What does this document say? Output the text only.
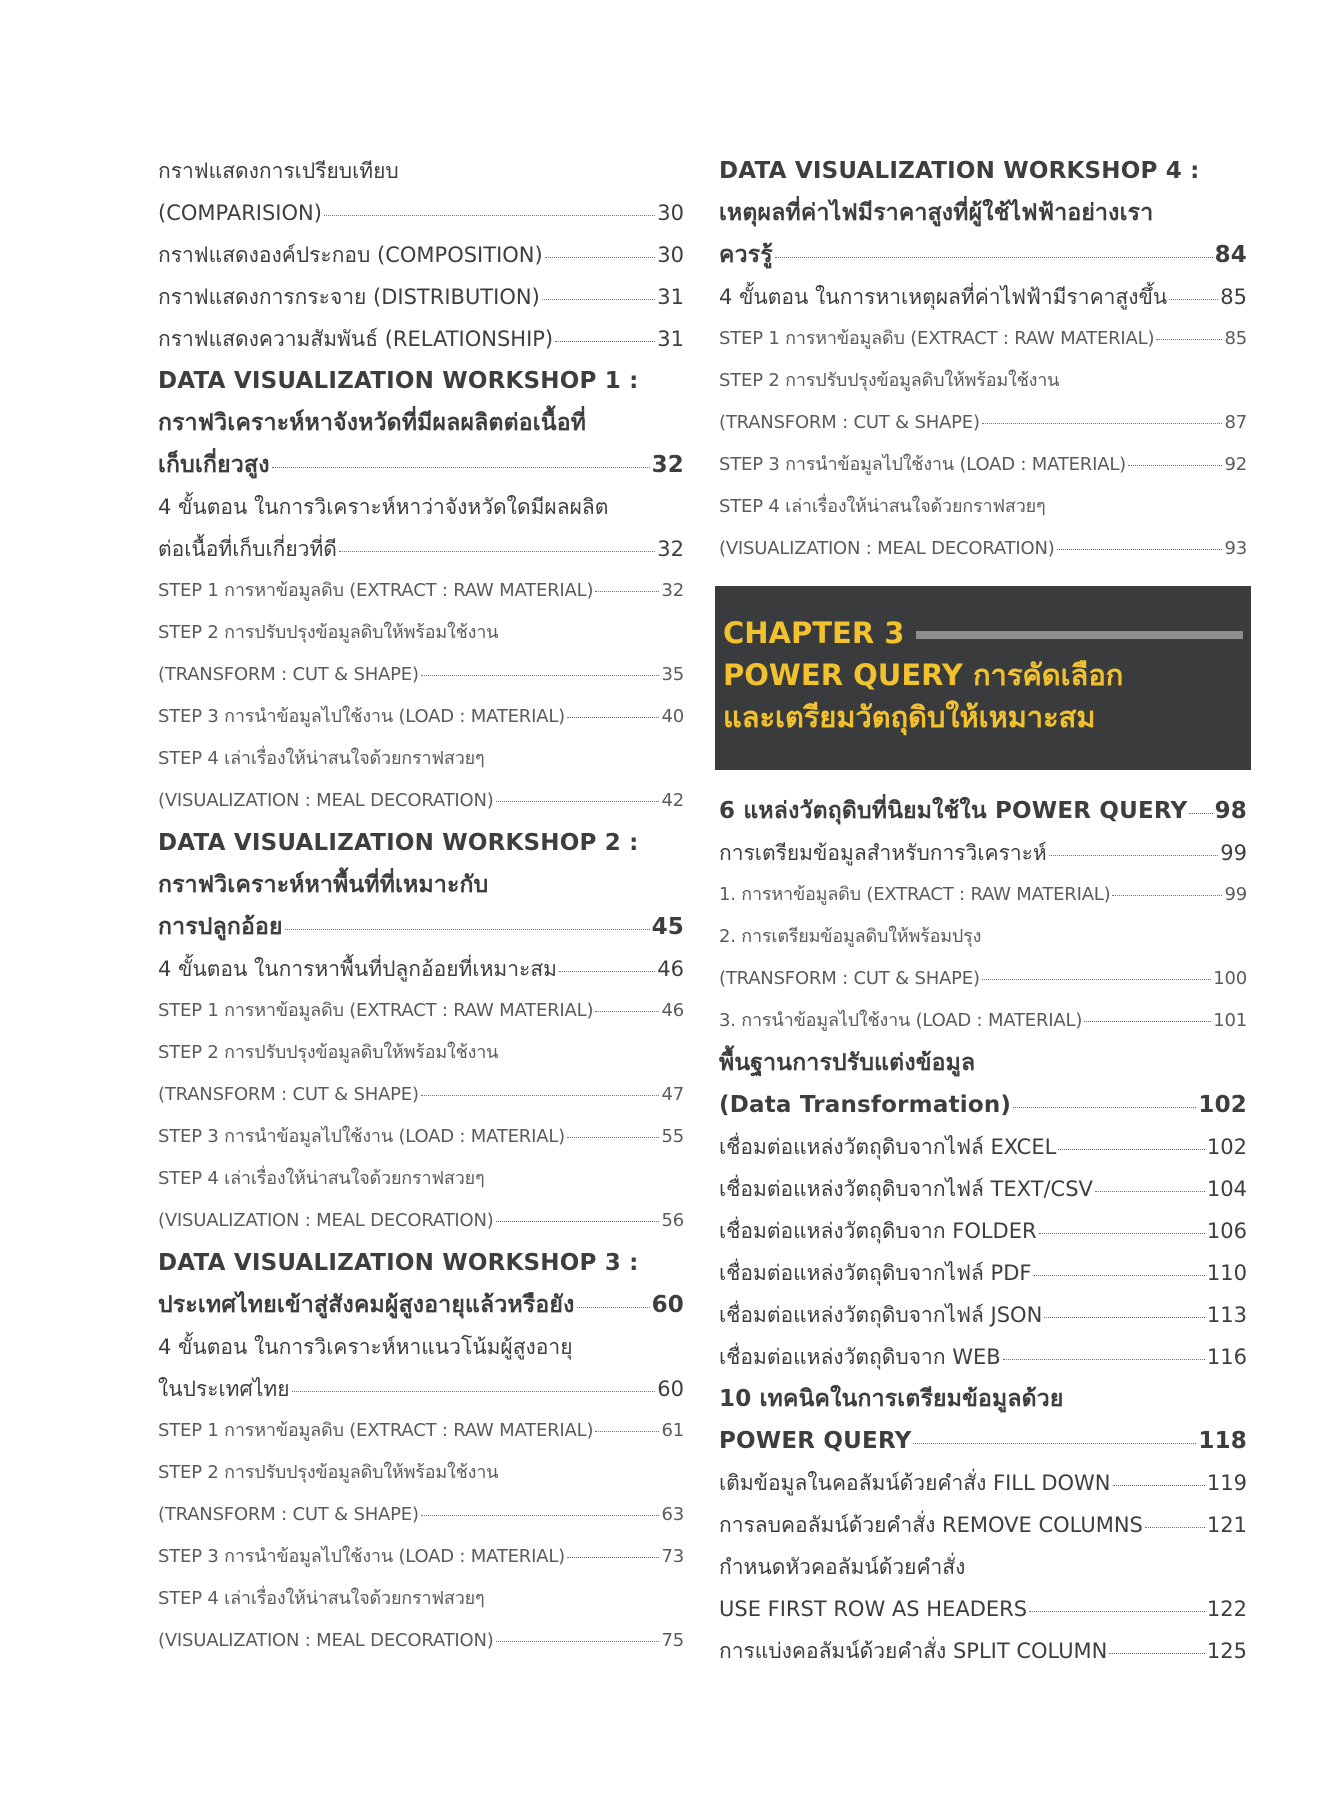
กราฟแสดงการเปรียบเทียบ
(COMPARISION)	30
กราฟแสดงองค์ประกอบ (COMPOSITION)	30
กราฟแสดงการกระจาย (DISTRIBUTION)	31
กราฟแสดงความสัมพันธ์ (RELATIONSHIP)	31
DATA VISUALIZATION WORKSHOP 1 :
กราฟวิเคราะห์หาจังหวัดที่มีผลผลิตต่อเนื้อที่
เก็บเกี่ยวสูง	32
4 ขั้นตอน ในการวิเคราะห์หาว่าจังหวัดใดมีผลผลิต
ต่อเนื้อที่เก็บเกี่ยวที่ดี	32
STEP 1 การหาข้อมูลดิบ (EXTRACT : RAW MATERIAL)	32
STEP 2 การปรับปรุงข้อมูลดิบให้พร้อมใช้งาน
(TRANSFORM : CUT & SHAPE)	35
STEP 3 การนำข้อมูลไปใช้งาน (LOAD : MATERIAL)	40
STEP 4 เล่าเรื่องให้น่าสนใจด้วยกราฟสวยๆ
(VISUALIZATION : MEAL DECORATION)	42
DATA VISUALIZATION WORKSHOP 2 :
กราฟวิเคราะห์หาพื้นที่ที่เหมาะกับ
การปลูกอ้อย	45
4 ขั้นตอน ในการหาพื้นที่ปลูกอ้อยที่เหมาะสม	46
STEP 1 การหาข้อมูลดิบ (EXTRACT : RAW MATERIAL)	46
STEP 2 การปรับปรุงข้อมูลดิบให้พร้อมใช้งาน
(TRANSFORM : CUT & SHAPE)	47
STEP 3 การนำข้อมูลไปใช้งาน (LOAD : MATERIAL)	55
STEP 4 เล่าเรื่องให้น่าสนใจด้วยกราฟสวยๆ
(VISUALIZATION : MEAL DECORATION)	56
DATA VISUALIZATION WORKSHOP 3 :
ประเทศไทยเข้าสู่สังคมผู้สูงอายุแล้วหรือยัง	60
4 ขั้นตอน ในการวิเคราะห์หาแนวโน้มผู้สูงอายุ
ในประเทศไทย	60
STEP 1 การหาข้อมูลดิบ (EXTRACT : RAW MATERIAL)	61
STEP 2 การปรับปรุงข้อมูลดิบให้พร้อมใช้งาน
(TRANSFORM : CUT & SHAPE)	63
STEP 3 การนำข้อมูลไปใช้งาน (LOAD : MATERIAL)	73
STEP 4 เล่าเรื่องให้น่าสนใจด้วยกราฟสวยๆ
(VISUALIZATION : MEAL DECORATION)	75
DATA VISUALIZATION WORKSHOP 4 :
เหตุผลที่ค่าไฟมีราคาสูงที่ผู้ใช้ไฟฟ้าอย่างเรา
ควรรู้	84
4 ขั้นตอน ในการหาเหตุผลที่ค่าไฟฟ้ามีราคาสูงขึ้น	85
STEP 1 การหาข้อมูลดิบ (EXTRACT : RAW MATERIAL)	85
STEP 2 การปรับปรุงข้อมูลดิบให้พร้อมใช้งาน
(TRANSFORM : CUT & SHAPE)	87
STEP 3 การนำข้อมูลไปใช้งาน (LOAD : MATERIAL)	92
STEP 4 เล่าเรื่องให้น่าสนใจด้วยกราฟสวยๆ
(VISUALIZATION : MEAL DECORATION)	93
CHAPTER 3
POWER QUERY การคัดเลือก
และเตรียมวัตถุดิบให้เหมาะสม
6 แหล่งวัตถุดิบที่นิยมใช้ใน POWER QUERY 98
การเตรียมข้อมูลสำหรับการวิเคราะห์	99
1. การหาข้อมูลดิบ (EXTRACT : RAW MATERIAL)	99
2. การเตรียมข้อมูลดิบให้พร้อมปรุง
(TRANSFORM : CUT & SHAPE)	100
3. การนำข้อมูลไปใช้งาน (LOAD : MATERIAL)	101
พื้นฐานการปรับแต่งข้อมูล
(Data Transformation)	102
เชื่อมต่อแหล่งวัตถุดิบจากไฟล์ EXCEL	102
เชื่อมต่อแหล่งวัตถุดิบจากไฟล์ TEXT/CSV	104
เชื่อมต่อแหล่งวัตถุดิบจาก FOLDER	106
เชื่อมต่อแหล่งวัตถุดิบจากไฟล์ PDF	110
เชื่อมต่อแหล่งวัตถุดิบจากไฟล์ JSON	113
เชื่อมต่อแหล่งวัตถุดิบจาก WEB	116
10 เทคนิคในการเตรียมข้อมูลด้วย
POWER QUERY	118
เติมข้อมูลในคอลัมน์ด้วยคำสั่ง FILL DOWN	119
การลบคอลัมน์ด้วยคำสั่ง REMOVE COLUMNS	121
กำหนดหัวคอลัมน์ด้วยคำสั่ง
USE FIRST ROW AS HEADERS	122
การแบ่งคอลัมน์ด้วยคำสั่ง SPLIT COLUMN	125
